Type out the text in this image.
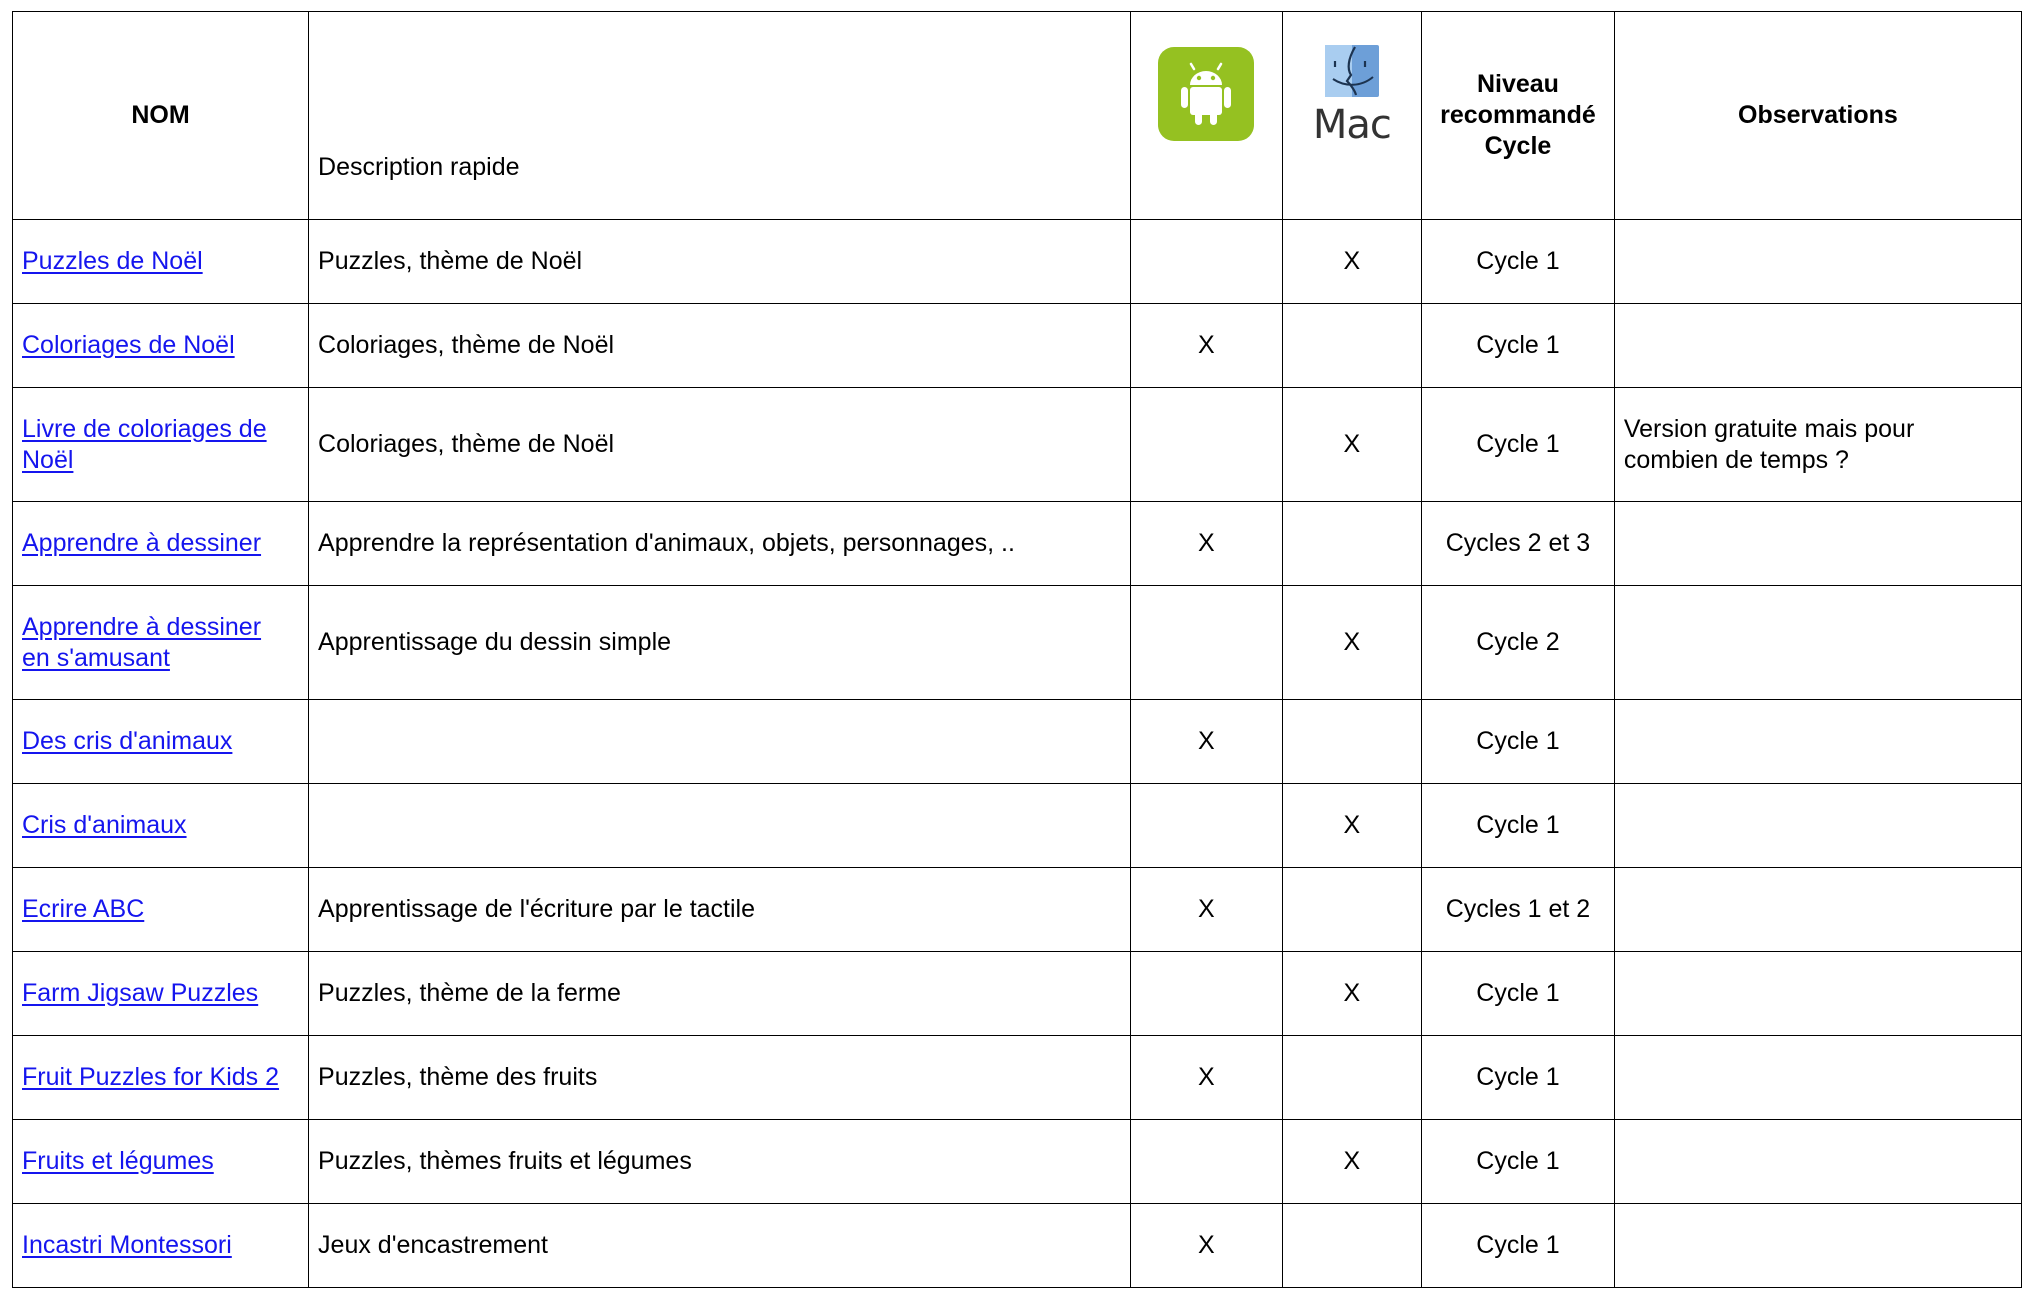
NOM	Description rapide		Mac	Niveau
recommandé
Cycle	Observations
Puzzles de Noël	Puzzles, thème de Noël		X	Cycle 1	
Coloriages de Noël	Coloriages, thème de Noël	X		Cycle 1	
Livre de coloriages de
Noël	Coloriages, thème de Noël		X	Cycle 1	Version gratuite mais pour
combien de temps ?
Apprendre à dessiner	Apprendre la représentation d'animaux, objets, personnages, ..	X		Cycles 2 et 3	
Apprendre à dessiner
en s'amusant	Apprentissage du dessin simple		X	Cycle 2	
Des cris d'animaux		X		Cycle 1	
Cris d'animaux			X	Cycle 1	
Ecrire ABC	Apprentissage de l'écriture par le tactile	X		Cycles 1 et 2	
Farm Jigsaw Puzzles	Puzzles, thème de la ferme		X	Cycle 1	
Fruit Puzzles for Kids 2	Puzzles, thème des fruits	X		Cycle 1	
Fruits et légumes	Puzzles, thèmes fruits et légumes		X	Cycle 1	
Incastri Montessori	Jeux d'encastrement	X		Cycle 1	
